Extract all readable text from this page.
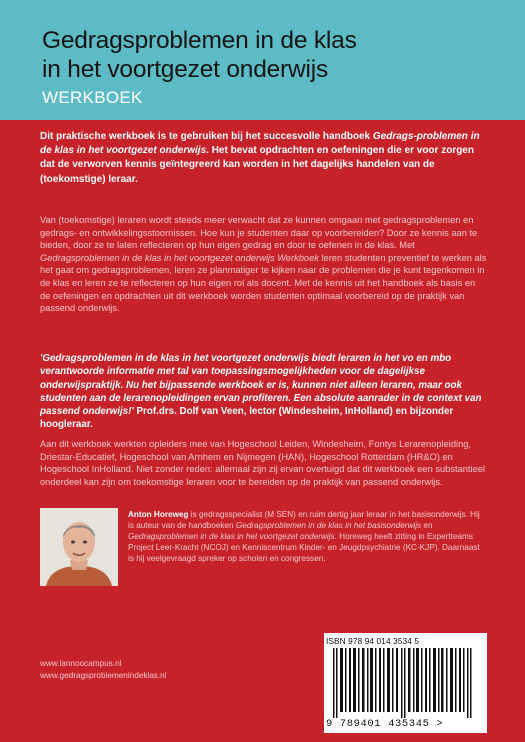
Gedragsproblemen in de klas
in het voortgezet onderwijs
WERKBOEK
Dit praktische werkboek is te gebruiken bij het succesvolle handboek Gedrags-problemen in de klas in het voortgezet onderwijs. Het bevat opdrachten en oefeningen die er voor zorgen dat de verworven kennis geïntegreerd kan worden in het dagelijks handelen van de (toekomstige) leraar.
Van (toekomstige) leraren wordt steeds meer verwacht dat ze kunnen omgaan met gedragsproblemen en gedrags- en ontwikkelingsstoornissen. Hoe kun je studenten daar op voorbereiden? Door ze kennis aan te bieden, door ze te laten reflecteren op hun eigen gedrag en door te oefenen in de klas. Met Gedragsproblemen in de klas in het voortgezet onderwijs Werkboek leren studenten preventief te werken als het gaat om gedragsproblemen, leren ze planmatiger te kijken naar de problemen die je kunt tegenkomen in de klas en leren ze te reflecteren op hun eigen rol als docent. Met de kennis uit het handboek als basis en de oefeningen en opdrachten uit dit werkboek worden studenten optimaal voorbereid op de praktijk van passend onderwijs.
'Gedragsproblemen in de klas in het voortgezet onderwijs biedt leraren in het vo en mbo verantwoorde informatie met tal van toepassingsmogelijkheden voor de dagelijkse onderwijspraktijk. Nu het bijpassende werkboek er is, kunnen niet alleen leraren, maar ook studenten aan de lerarenopleidingen ervan profiteren. Een absolute aanrader in de context van passend onderwijs!' Prof.drs. Dolf van Veen, lector (Windesheim, InHolland) en bijzonder hoogleraar.
Aan dit werkboek werkten opleiders mee van Hogeschool Leiden, Windesheim, Fontys Lerarenopleiding, Driestar-Educatief, Hogeschool van Arnhem en Nijmegen (HAN), Hogeschool Rotterdam (HR&O) en Hogeschool InHolland. Niet zonder reden: allemaal zijn zij ervan overtuigd dat dit werkboek een substantieel onderdeel kan zijn om toekomstige leraren voor te bereiden op de praktijk van passend onderwijs.
Anton Horeweg is gedragsspecialist (M SEN) en ruim dertig jaar leraar in het basisonderwijs. Hij is auteur van de handboeken Gedragsproblemen in de klas in het basisonderwijs en Gedragsproblemen in de klas in het voortgezet onderwijs. Horeweg heeft zitting in Expertteams Project Leer-Kracht (NCOJ) en Kenniscentrum Kinder- en Jeugdpsychiatrie (KC-KJP). Daarnaast is hij veelgevraagd spreker op scholen en congressen.
www.lannoocampus.nl
www.gedragsproblemenindeklas.nl
ISBN 978 94 014 3534 5
9 789401 435345 >
